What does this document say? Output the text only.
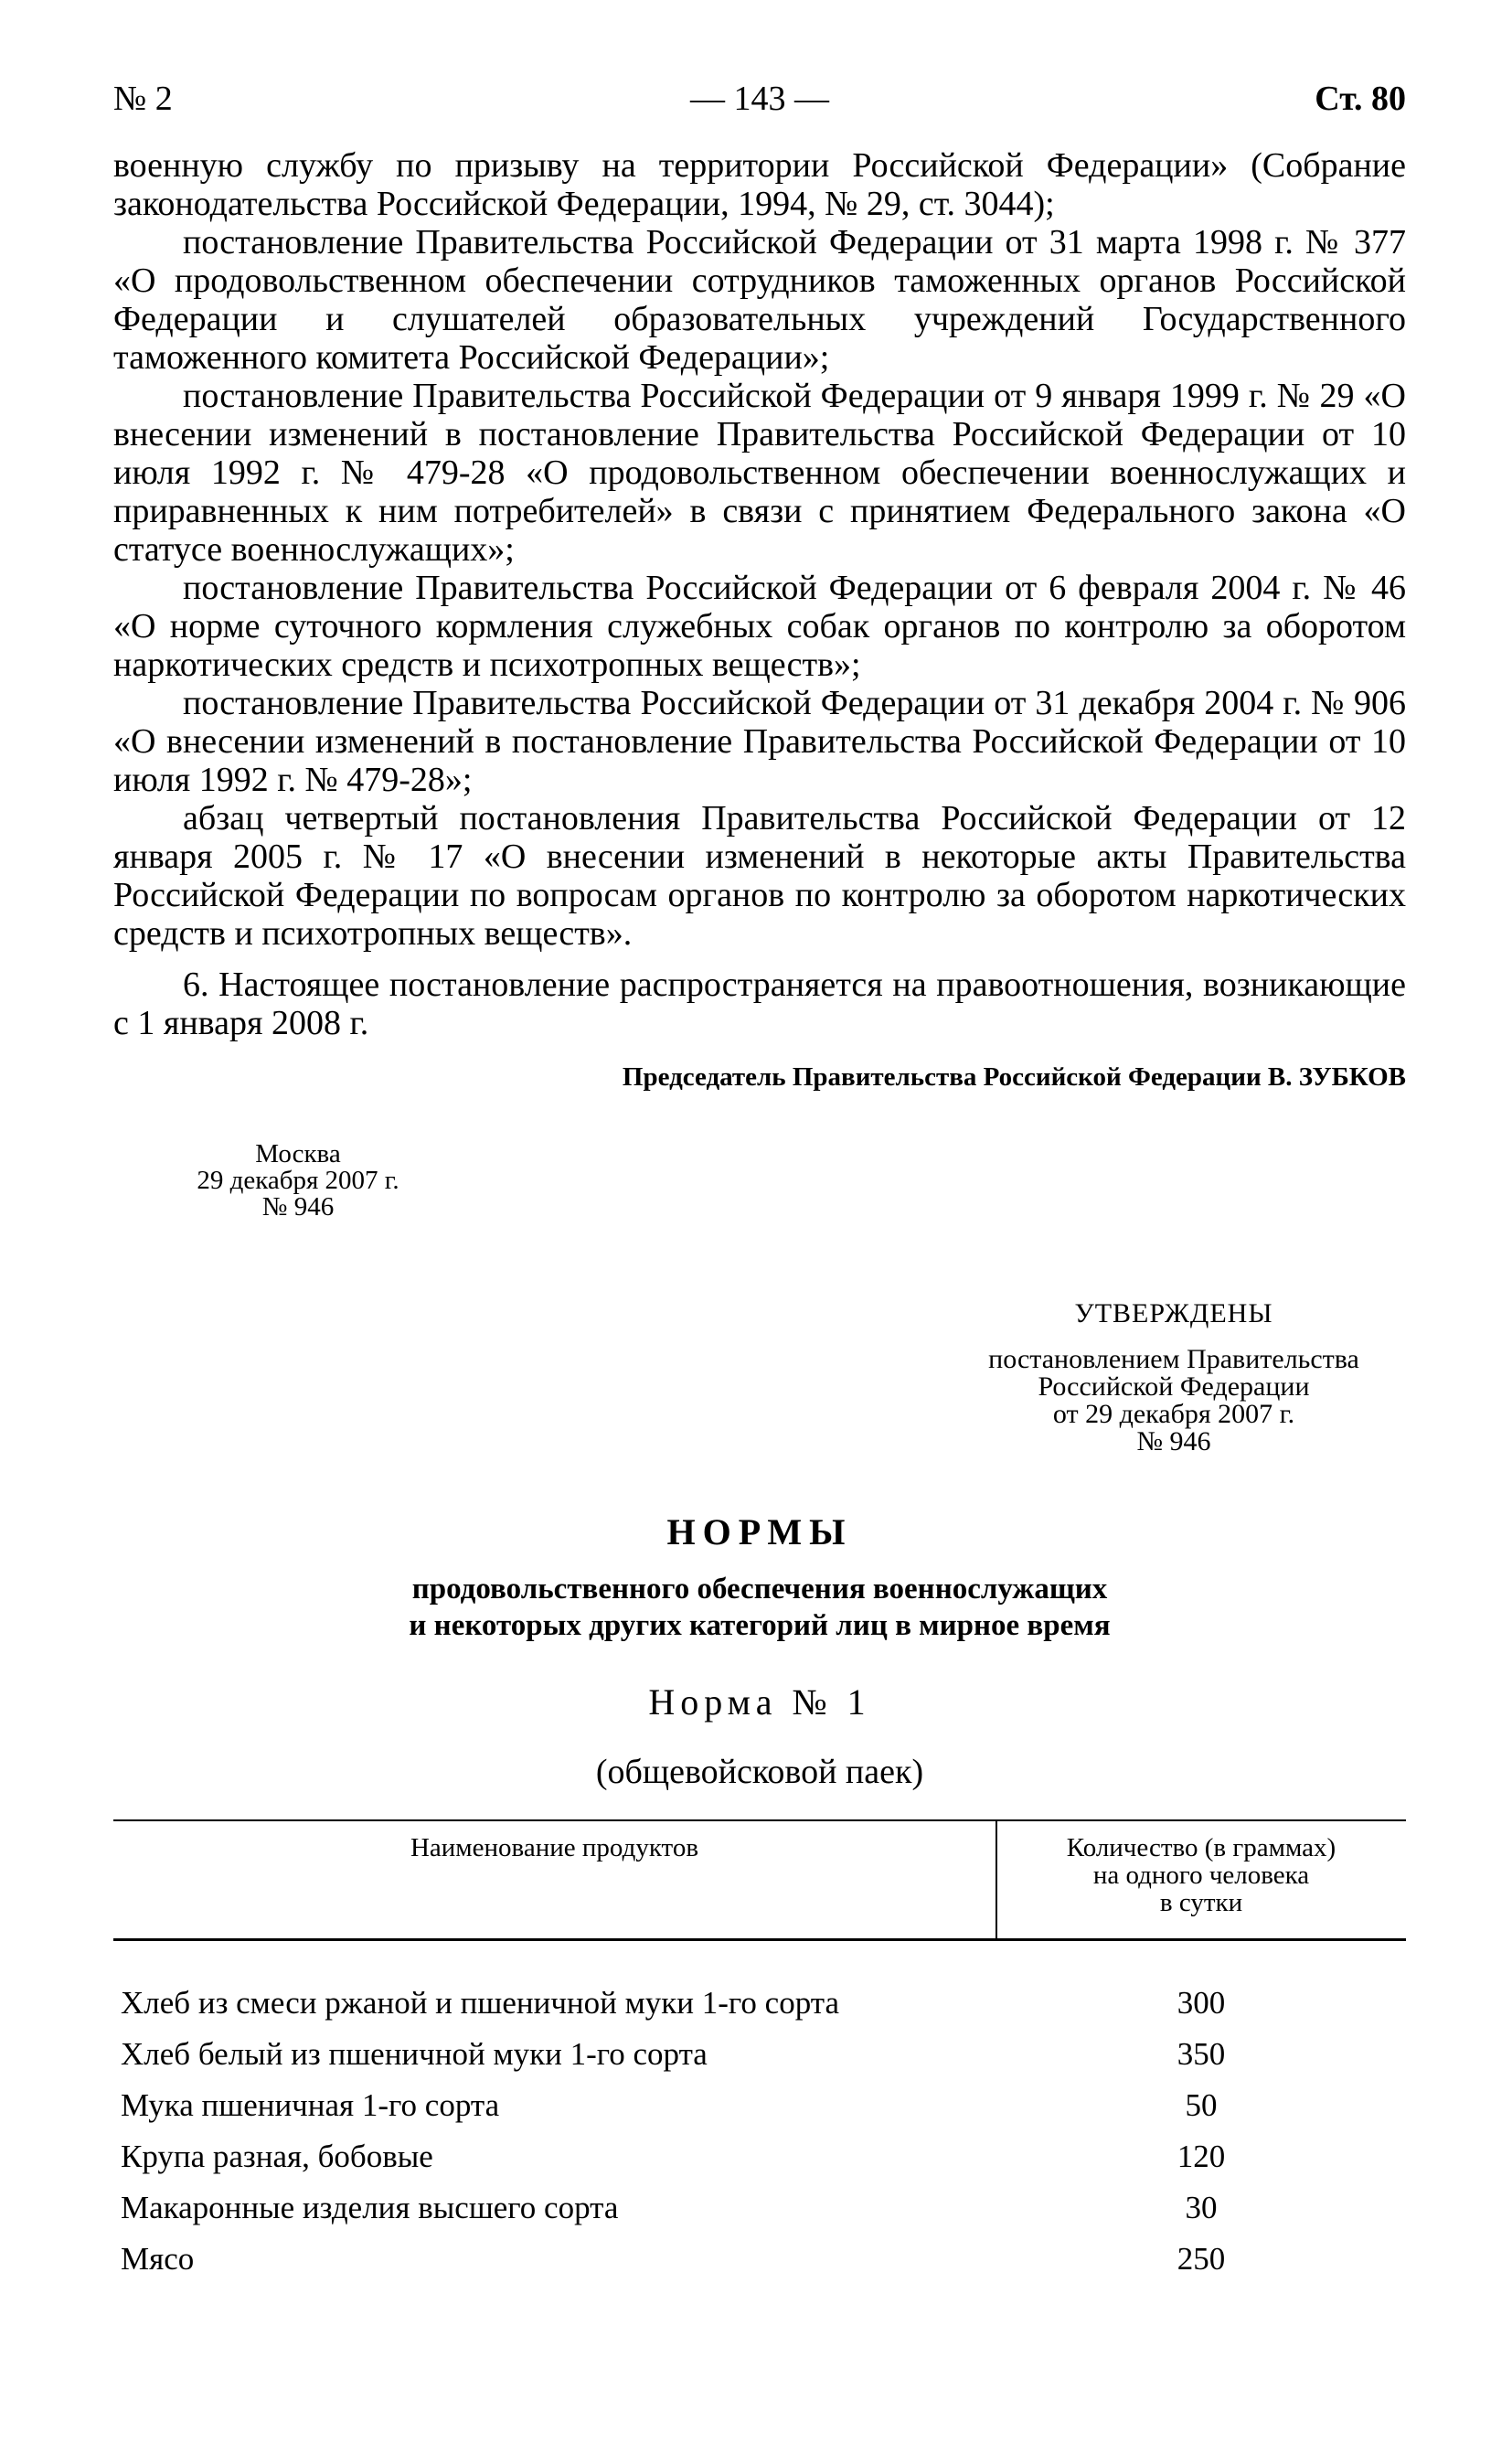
№ 2	— 143 —	Ст. 80

военную службу по призыву на территории Российской Федерации» (Собрание законодательства Российской Федерации, 1994, № 29, ст. 3044);

постановление Правительства Российской Федерации от 31 марта 1998 г. № 377 «О продовольственном обеспечении сотрудников таможенных органов Российской Федерации и слушателей образовательных учреждений Государственного таможенного комитета Российской Федерации»;

постановление Правительства Российской Федерации от 9 января 1999 г. № 29 «О внесении изменений в постановление Правительства Российской Федерации от 10 июля 1992 г. № 479-28 «О продовольственном обеспечении военнослужащих и приравненных к ним потребителей» в связи с принятием Федерального закона «О статусе военнослужащих»;

постановление Правительства Российской Федерации от 6 февраля 2004 г. № 46 «О норме суточного кормления служебных собак органов по контролю за оборотом наркотических средств и психотропных веществ»;

постановление Правительства Российской Федерации от 31 декабря 2004 г. № 906 «О внесении изменений в постановление Правительства Российской Федерации от 10 июля 1992 г. № 479-28»;

абзац четвертый постановления Правительства Российской Федерации от 12 января 2005 г. № 17 «О внесении изменений в некоторые акты Правительства Российской Федерации по вопросам органов по контролю за оборотом наркотических средств и психотропных веществ».

6. Настоящее постановление распространяется на правоотношения, возникающие с 1 января 2008 г.

Председатель Правительства Российской Федерации В. ЗУБКОВ
Москва
29 декабря 2007 г.
№ 946
УТВЕРЖДЕНЫ
постановлением Правительства
Российской Федерации
от 29 декабря 2007 г.
№ 946
НОРМЫ
продовольственного обеспечения военнослужащих
и некоторых других категорий лиц в мирное время
Норма № 1
(общевойсковой паек)
Наименование продуктов	Количество (в граммах)
на одного человека
в сутки
Хлеб из смеси ржаной и пшеничной муки 1-го сорта	300
Хлеб белый из пшеничной муки 1-го сорта	350
Мука пшеничная 1-го сорта	50
Крупа разная, бобовые	120
Макаронные изделия высшего сорта	30
Мясо	250
